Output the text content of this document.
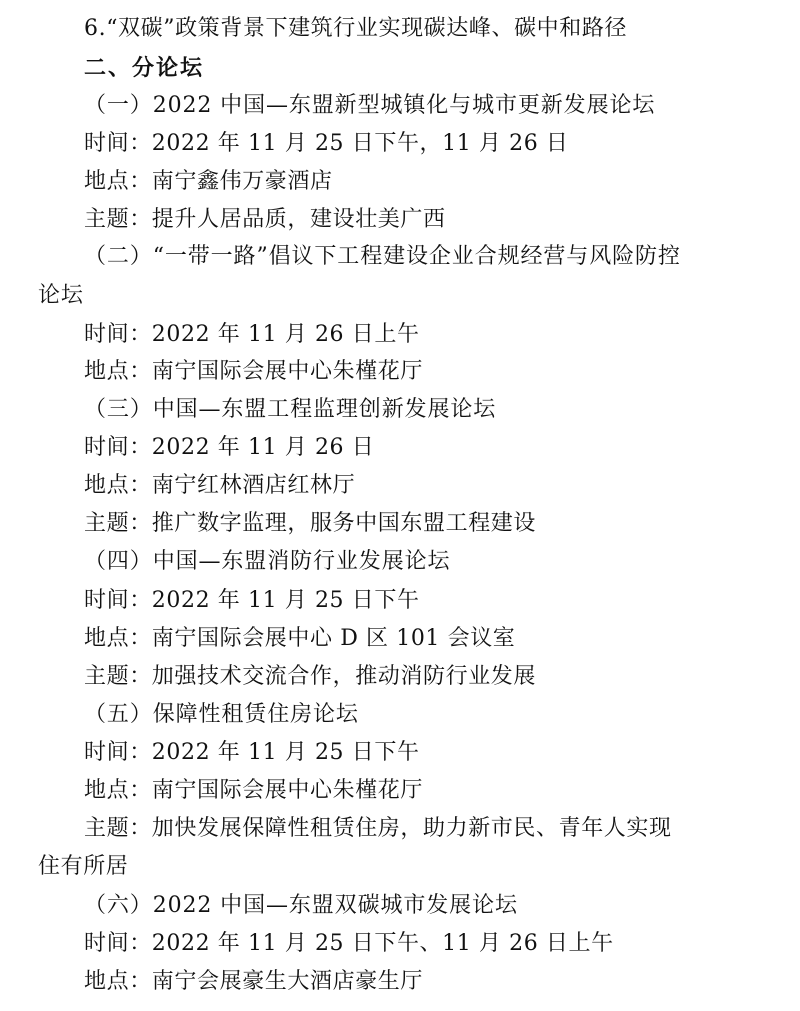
6.“双碳”政策背景下建筑行业实现碳达峰、碳中和路径
二、分论坛
（一）2022 中国—东盟新型城镇化与城市更新发展论坛
时间：2022 年 11 月 25 日下午，11 月 26 日
地点：南宁鑫伟万豪酒店
主题：提升人居品质，建设壮美广西
（二）“一带一路”倡议下工程建设企业合规经营与风险防控
论坛
时间：2022 年 11 月 26 日上午
地点：南宁国际会展中心朱槿花厅
（三）中国—东盟工程监理创新发展论坛
时间：2022 年 11 月 26 日
地点：南宁红林酒店红林厅
主题：推广数字监理，服务中国东盟工程建设
（四）中国—东盟消防行业发展论坛
时间：2022 年 11 月 25 日下午
地点：南宁国际会展中心 D 区 101 会议室
主题：加强技术交流合作，推动消防行业发展
（五）保障性租赁住房论坛
时间：2022 年 11 月 25 日下午
地点：南宁国际会展中心朱槿花厅
主题：加快发展保障性租赁住房，助力新市民、青年人实现
住有所居
（六）2022 中国—东盟双碳城市发展论坛
时间：2022 年 11 月 25 日下午、11 月 26 日上午
地点：南宁会展豪生大酒店豪生厅
